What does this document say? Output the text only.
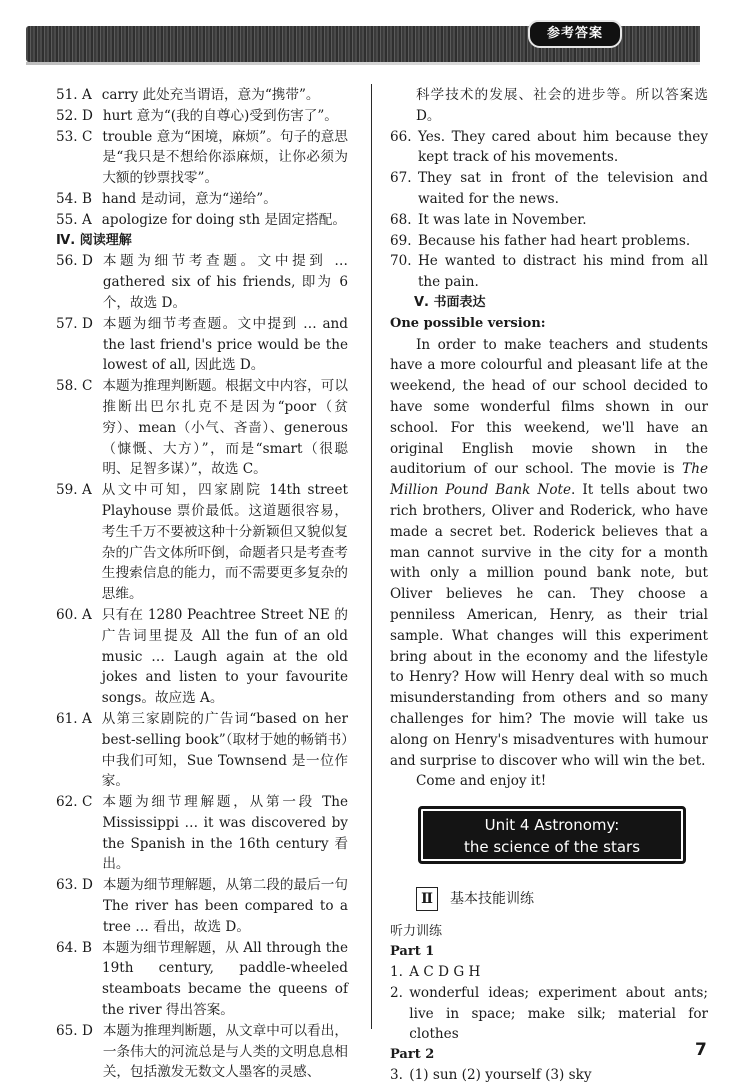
参考答案
51. A carry 此处充当谓语，意为“携带”。
52. D hurt 意为“(我的自尊心)受到伤害了”。
53. C trouble 意为“困境，麻烦”。句子的意思是“我只是不想给你添麻烦，让你必须为大额的钞票找零”。
54. B hand 是动词，意为“递给”。
55. A apologize for doing sth 是固定搭配。
Ⅳ. 阅读理解
56. D 本题为细节考查题。文中提到 … gathered six of his friends, 即为 6 个，故选 D。
57. D 本题为细节考查题。文中提到 … and the last friend's price would be the lowest of all, 因此选 D。
58. C 本题为推理判断题。根据文中内容，可以推断出巴尔扎克不是因为“poor（贫穷）、mean（小气、吝啬）、generous（慷慨、大方）”，而是“smart（很聪明、足智多谋）”，故选 C。
59. A 从文中可知，四家剧院 14th street Playhouse 票价最低。这道题很容易，考生千万不要被这种十分新颖但又貌似复杂的广告文体所吓倒，命题者只是考查考生搜索信息的能力，而不需要更多复杂的思维。
60. A 只有在 1280 Peachtree Street NE 的广告词里提及 All the fun of an old music … Laugh again at the old jokes and listen to your favourite songs。故应选 A。
61. A 从第三家剧院的广告词“based on her best-selling book”（取材于她的畅销书）中我们可知，Sue Townsend 是一位作家。
62. C 本题为细节理解题，从第一段 The Mississippi … it was discovered by the Spanish in the 16th century 看出。
63. D 本题为细节理解题，从第二段的最后一句 The river has been compared to a tree … 看出，故选 D。
64. B 本题为细节理解题，从 All through the 19th century, paddle-wheeled steamboats became the queens of the river 得出答案。
65. D 本题为推理判断题，从文章中可以看出，一条伟大的河流总是与人类的文明息息相关，包括激发无数文人墨客的灵感、

科学技术的发展、社会的进步等。所以答案选 D。
66. Yes. They cared about him because they kept track of his movements.
67. They sat in front of the television and waited for the news.
68. It was late in November.
69. Because his father had heart problems.
70. He wanted to distract his mind from all the pain.
Ⅴ. 书面表达
One possible version:
In order to make teachers and students have a more colourful and pleasant life at the weekend, the head of our school decided to have some wonderful films shown in our school. For this weekend, we'll have an original English movie shown in the auditorium of our school. The movie is The Million Pound Bank Note. It tells about two rich brothers, Oliver and Roderick, who have made a secret bet. Roderick believes that a man cannot survive in the city for a month with only a million pound bank note, but Oliver believes he can. They choose a penniless American, Henry, as their trial sample. What changes will this experiment bring about in the economy and the lifestyle to Henry? How will Henry deal with so much misunderstanding from others and so many challenges for him? The movie will take us along on Henry's misadventures with humour and surprise to discover who will win the bet.
Come and enjoy it!
Unit 4 Astronomy:
the science of the stars
Ⅱ	基本技能训练
听力训练
Part 1
1. A C D G H
2. wonderful ideas; experiment about ants; live in space; make silk; material for clothes
Part 2
3. (1) sun (2) yourself (3) sky
7
